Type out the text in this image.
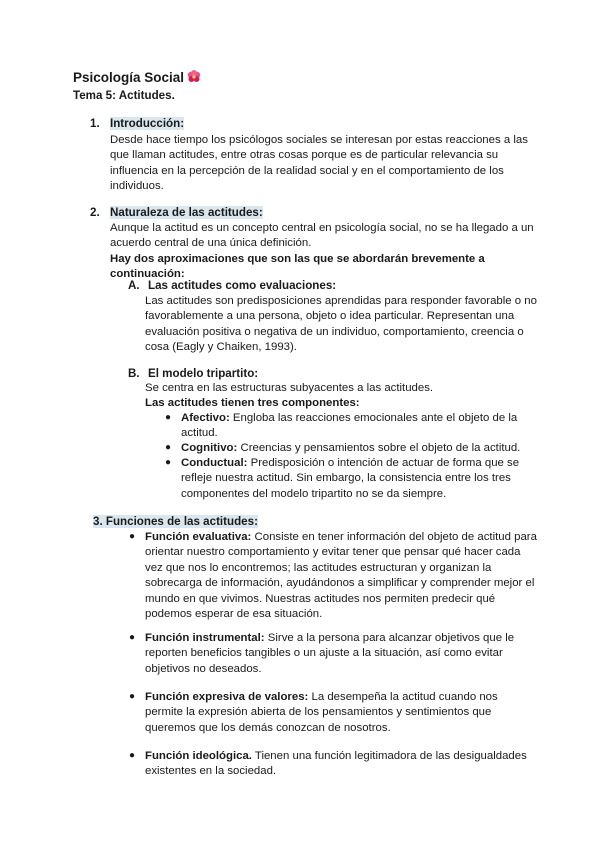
Psicología Social
Tema 5: Actitudes.
1. Introducción:
Desde hace tiempo los psicólogos sociales se interesan por estas reacciones a las
que llaman actitudes, entre otras cosas porque es de particular relevancia su
influencia en la percepción de la realidad social y en el comportamiento de los
individuos.
2. Naturaleza de las actitudes:
Aunque la actitud es un concepto central en psicología social, no se ha llegado a un
acuerdo central de una única definición.
Hay dos aproximaciones que son las que se abordarán brevemente a
continuación:
A. Las actitudes como evaluaciones:
Las actitudes son predisposiciones aprendidas para responder favorable o no
favorablemente a una persona, objeto o idea particular. Representan una
evaluación positiva o negativa de un individuo, comportamiento, creencia o
cosa (Eagly y Chaiken, 1993).
B. El modelo tripartito:
Se centra en las estructuras subyacentes a las actitudes.
Las actitudes tienen tres componentes:
● Afectivo: Engloba las reacciones emocionales ante el objeto de la
actitud.
● Cognitivo: Creencias y pensamientos sobre el objeto de la actitud.
● Conductual: Predisposición o intención de actuar de forma que se
refleje nuestra actitud. Sin embargo, la consistencia entre los tres
componentes del modelo tripartito no se da siempre.
3. Funciones de las actitudes:
● Función evaluativa: Consiste en tener información del objeto de actitud para
orientar nuestro comportamiento y evitar tener que pensar qué hacer cada
vez que nos lo encontremos; las actitudes estructuran y organizan la
sobrecarga de información, ayudándonos a simplificar y comprender mejor el
mundo en que vivimos. Nuestras actitudes nos permiten predecir qué
podemos esperar de esa situación.
● Función instrumental: Sirve a la persona para alcanzar objetivos que le
reporten beneficios tangibles o un ajuste a la situación, así como evitar
objetivos no deseados.
● Función expresiva de valores: La desempeña la actitud cuando nos
permite la expresión abierta de los pensamientos y sentimientos que
queremos que los demás conozcan de nosotros.
● Función ideológica. Tienen una función legitimadora de las desigualdades
existentes en la sociedad.
